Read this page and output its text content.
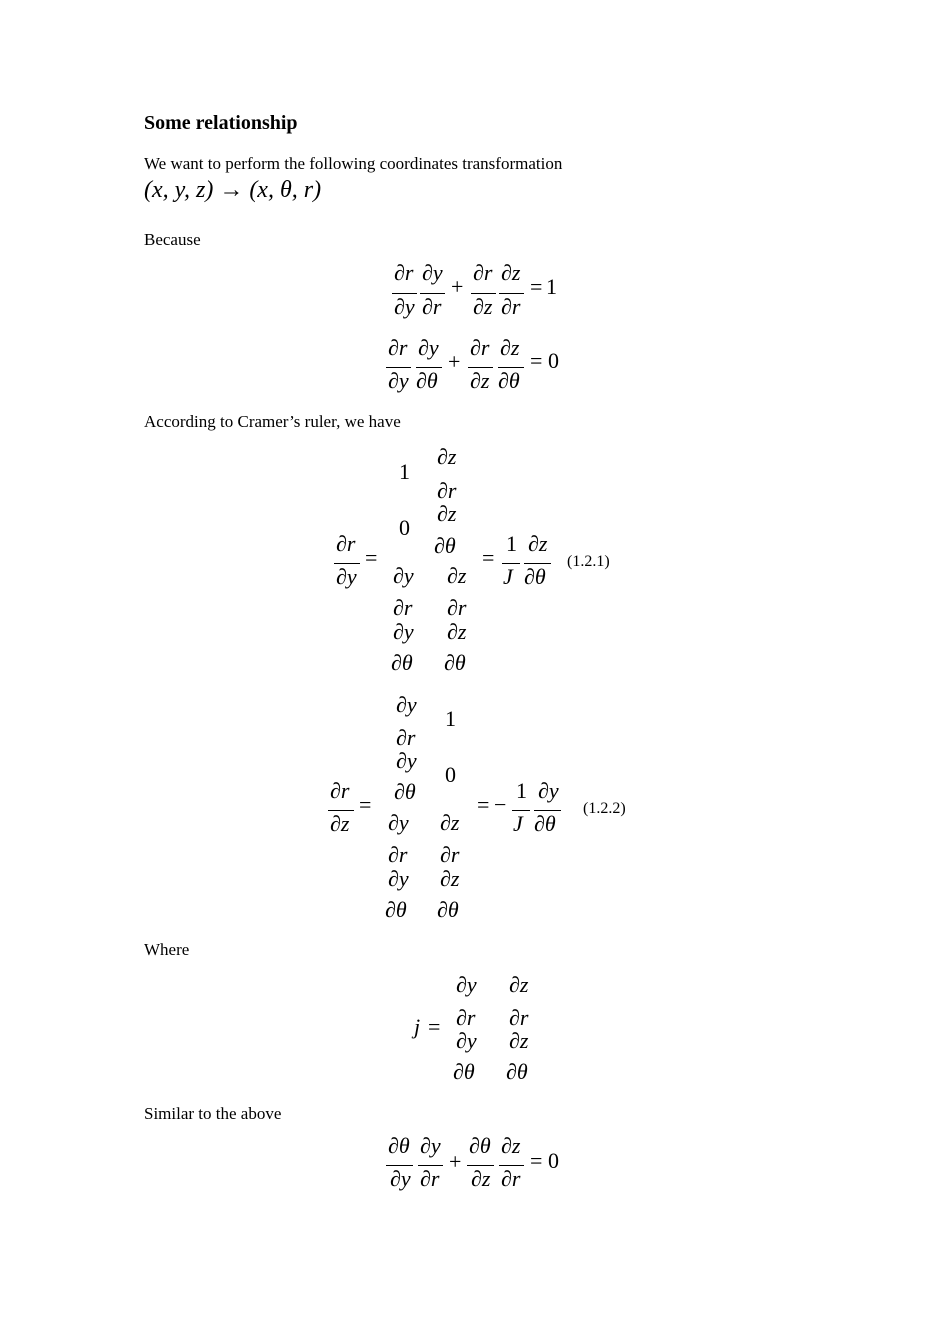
Some relationship
We want to perform the following coordinates transformation
(x, y, z) → (x, θ, r)
Because
∂r
∂y
∂y
∂r
+
∂r
∂z
∂z
∂r
= 1
∂r
∂y
∂y
∂θ
+
∂r
∂z
∂z
∂θ
= 0
According to Cramer’s ruler, we have
∂r
∂y
=
1
∂z
∂r
0
∂z
∂θ
∂y ∂z
∂r ∂r
∂y ∂z
∂θ ∂θ
=
1
J
∂z
∂θ
(1.2.1)
∂r
∂z
=
∂y
1
∂r
∂y
0
∂θ
∂y ∂z
∂r ∂r
∂y ∂z
∂θ ∂θ
= −
1
J
∂y
∂θ
(1.2.2)
Where
j =
∂y ∂z
∂r ∂r
∂y ∂z
∂θ ∂θ
Similar to the above
∂θ
∂y
∂y
∂r
+
∂θ
∂z
∂z
∂r
= 0
